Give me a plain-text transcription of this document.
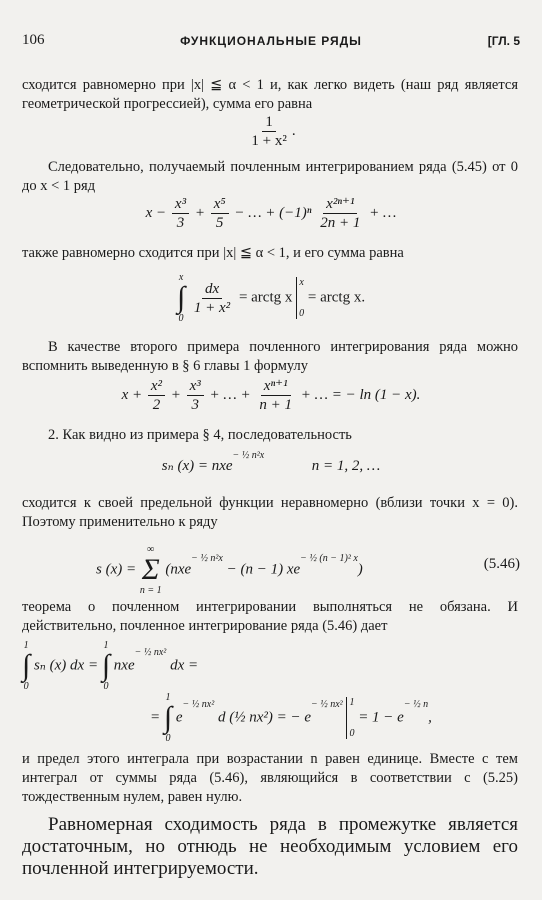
106	ФУНКЦИОНАЛЬНЫЕ РЯДЫ	[ГЛ. 5
сходится равномерно при |x| ≦ α < 1 и, как легко видеть (наш ряд является геометрической прогрессией), сумма его равна
$\frac{1}{\text{1 + x²}}$ .
Следовательно, получаемый почленным интегрированием ряда (5.45) от 0 до x < 1 ряд
$x - \frac{\text{x³}}{3} + \frac{\text{x⁵}}{5}$ − … + $(-1)^n \frac{\text{x²ⁿ⁺¹}}{2n + 1}$ + …
также равномерно сходится при |x| ≦ α < 1, и его сумма равна
x
∫
0

$\frac{dx}{\text{1 + x²}}$ = arctg x
x
0
= arctg x.
В качестве второго примера почленного интегрирования ряда можно вспомнить выведенную в § 6 главы 1 формулу
$x + \frac{\text{x²}}{2} + \frac{\text{x³}}{3}$ + … + $\frac{\text{xⁿ⁺¹}}{n + 1}$ + … = − ln (1 − x).
2. Как видно из примера § 4, последовательность
sₙ (x) = nxe$^{- \frac{1}{2} n^2x}$  n = 1, 2, …
сходится к своей предельной функции неравномерно (вблизи точки x = 0). Поэтому применительно к ряду
s (x) =
∞
Σ
n = 1
(nxe$^{- \frac{1}{2} n^2x}$ − (n − 1) $xe^{- \frac{1}{2} (n - 1)^2 x}$)	(5.46)
теорема о почленном интегрировании выполняться не обязана. И действительно, почленное интегрирование ряда (5.46) дает
1
∫
0
sₙ (x) dx =
1
∫
0
nxe$^{- \frac{1}{2} nx^2}$ dx =
=
1
∫
0
$e^{- \frac{1}{2} nx^2}$ d (½ nx²) = − $e^{- \frac{1}{2} nx^2}$ 1
0
= $1 - e^{- \frac{1}{2} n}$,
и предел этого интеграла при возрастании n равен единице. Вместе с тем интеграл от суммы ряда (5.46), являющийся в соответствии с (5.25) тождественным нулем, равен нулю.
Равномерная сходимость ряда в промежутке является достаточным, но отнюдь не необходимым условием его почленной интегрируемости.
